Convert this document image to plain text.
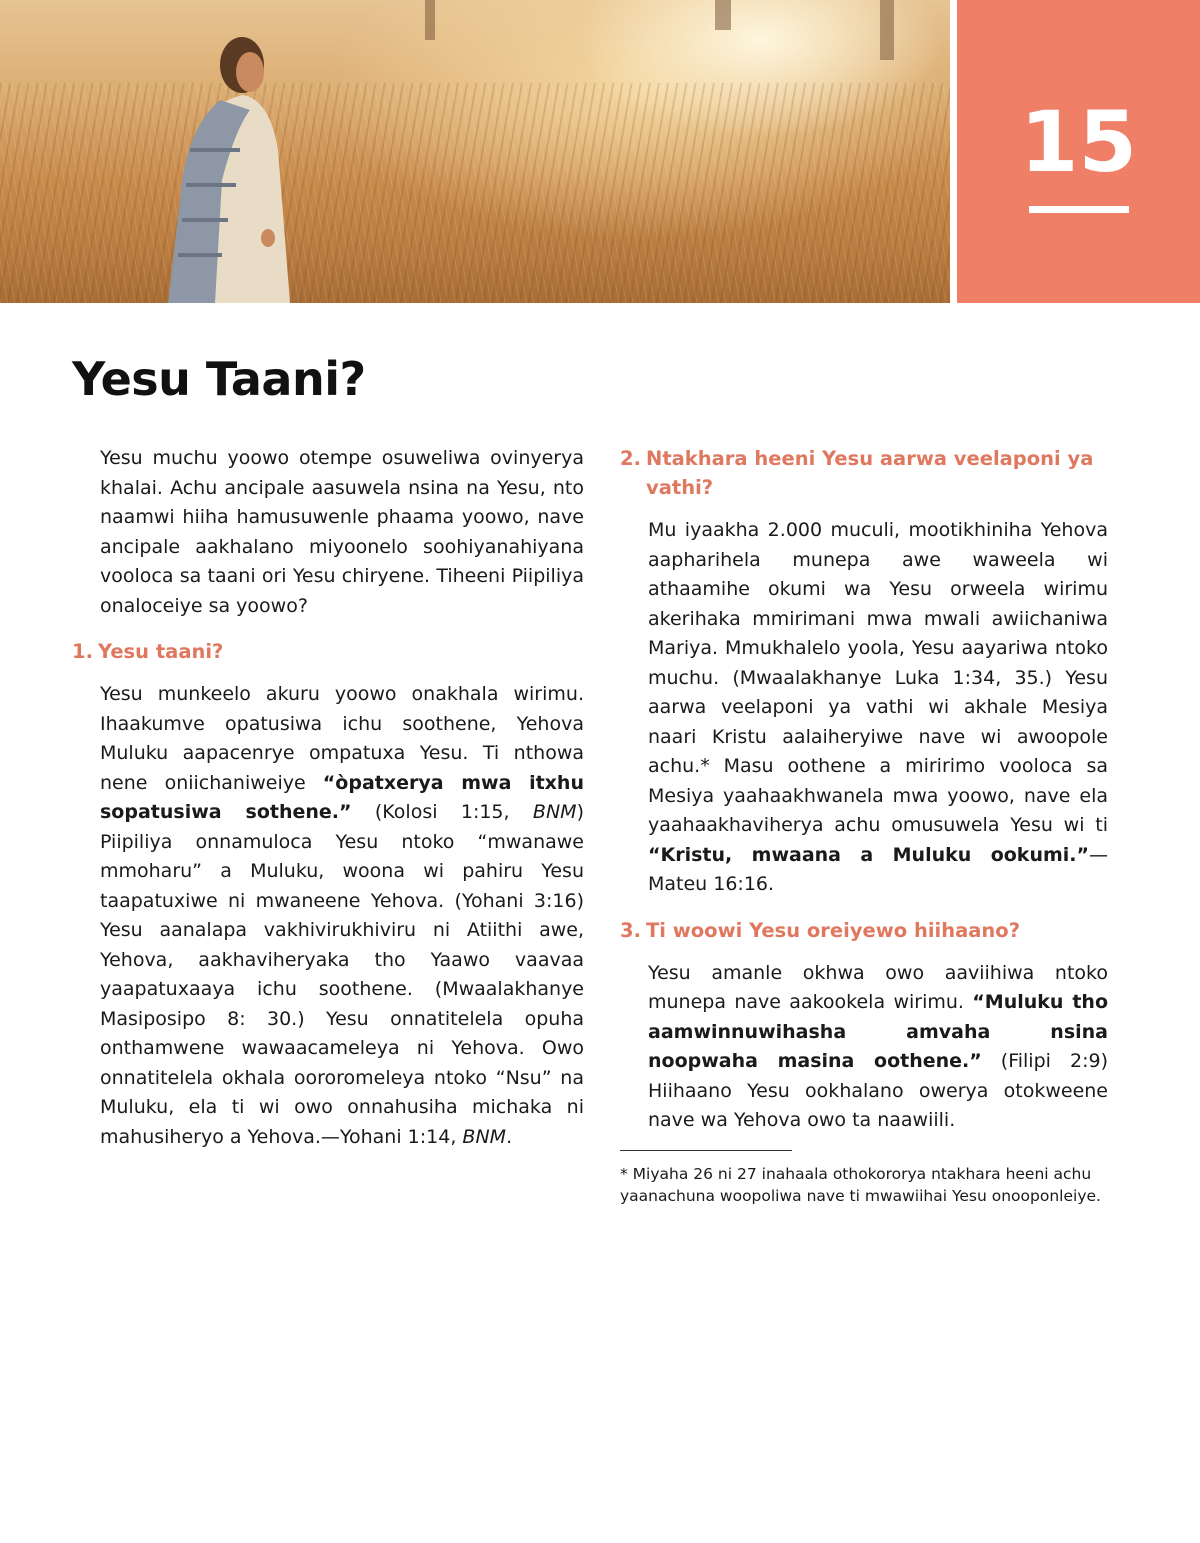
15
Yesu Taani?

Yesu muchu yoowo otempe osuweliwa ovinyerya khalai. Achu ancipale aasuwela nsina na Yesu, nto naamwi hiiha hamusuwenle phaama yoowo, nave ancipale aakhalano miyoonelo soohiyanahiyana vooloca sa taani ori Yesu chiryene. Tiheeni Piipiliya onaloceiye sa yoowo?

1. Yesu taani?

Yesu munkeelo akuru yoowo onakhala wirimu. Ihaakumve opatusiwa ichu soothene, Yehova Muluku aapacenrye ompatuxa Yesu. Ti nthowa nene oniichaniweiye “òpatxerya mwa itxhu sopatusiwa sothene.” (Kolosi 1:15, BNM) Piipiliya onnamuloca Yesu ntoko “mwanawe mmoharu” a Muluku, woona wi pahiru Yesu taapatuxiwe ni mwaneene Yehova. (Yohani 3:16) Yesu aanalapa vakhivirukhiviru ni Atiithi awe, Yehova, aakhaviheryaka tho Yaawo vaavaa yaapatuxaaya ichu soothene. (Mwaalakhanye Masiposipo 8: 30.) Yesu onnatitelela opuha onthamwene wawaacameleya ni Yehova. Owo onnatitelela okhala oororomeleya ntoko “Nsu” na Muluku, ela ti wi owo onnahusiha michaka ni mahusiheryo a Yehova.—Yohani 1:14, BNM.

2. Ntakhara heeni Yesu aarwa veelaponi ya vathi?

Mu iyaakha 2.000 muculi, mootikhiniha Yehova aapharihela munepa awe waweela wi athaamihe okumi wa Yesu orweela wirimu akerihaka mmirimani mwa mwali awiichaniwa Mariya. Mmukhalelo yoola, Yesu aayariwa ntoko muchu. (Mwaalakhanye Luka 1:34, 35.) Yesu aarwa veelaponi ya vathi wi akhale Mesiya naari Kristu aalaiheryiwe nave wi awoopole achu.* Masu oothene a miririmo vooloca sa Mesiya yaahaakhwanela mwa yoowo, nave ela yaahaakhaviherya achu omusuwela Yesu wi ti “Kristu, mwaana a Muluku ookumi.”—Mateu 16:16.

3. Ti woowi Yesu oreiyewo hiihaano?

Yesu amanle okhwa owo aaviihiwa ntoko munepa nave aakookela wirimu. “Muluku tho aamwinnuwihasha amvaha nsina noopwaha masina oothene.” (Filipi 2:9) Hiihaano Yesu ookhalano owerya otokweene nave wa Yehova owo ta naawiili.

* Miyaha 26 ni 27 inahaala othokororya ntakhara heeni achu yaanachuna woopoliwa nave ti mwawiihai Yesu onooponleiye.
